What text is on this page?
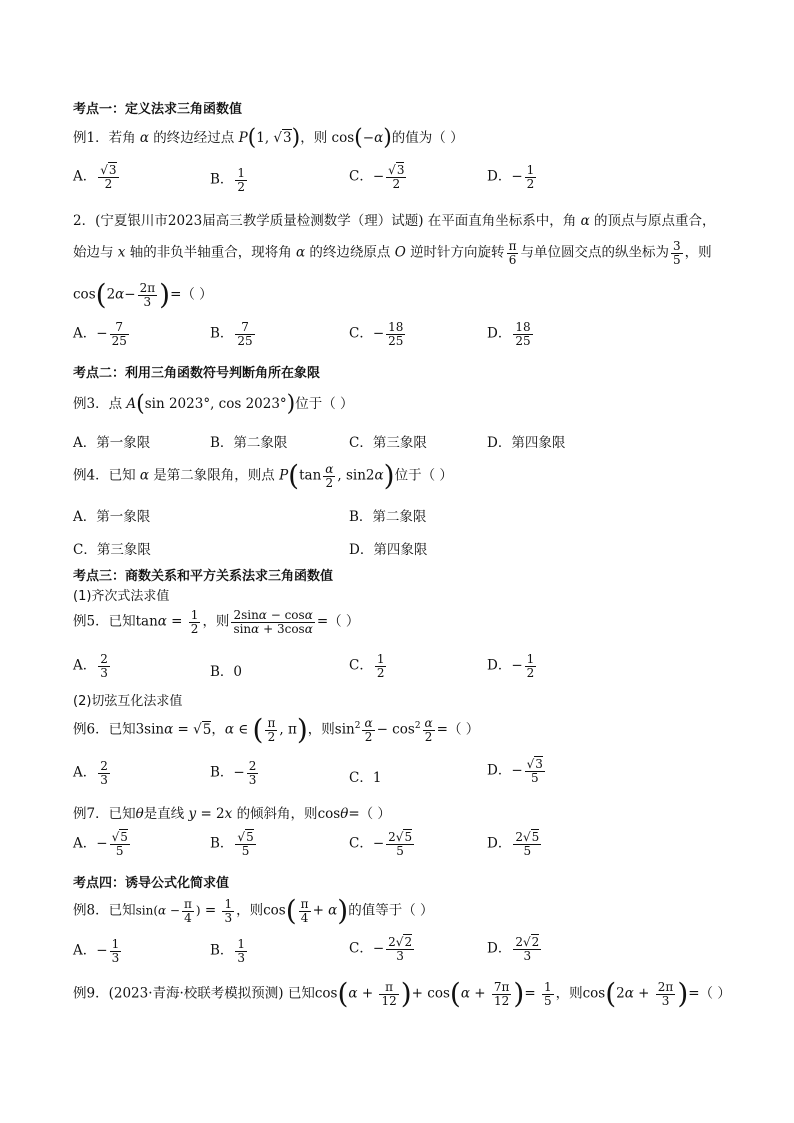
考点一：定义法求三角函数值
例1．若角 α 的终边经过点 P(1, √3)，则 cos(−α)的值为（ ）
A． $\frac{√3}{2}$	B． $\frac{1}{2}$	C．− $\frac{√3}{2}$	D．− $\frac{1}{2}$
2．(宁夏银川市2023届高三教学质量检测数学（理）试题) 在平面直角坐标系中，角 α 的顶点与原点重合，
始边与 x 轴的非负半轴重合，现将角 α 的终边绕原点 O 逆时针方向旋转 $\frac{\pi}{6}$ 与单位圆交点的纵坐标为 $\frac{3}{5}$ ，则
$\cos(2\alpha- \frac{2\pi}{3}$ )=（ ）
A．− $\frac{7}{25}$	B． $\frac{7}{25}$	C．− $\frac{18}{25}$	D． $\frac{18}{25}$
考点二：利用三角函数符号判断角所在象限
例3．点 A(sin 2023°, cos 2023°)位于（ ）
A．第一象限	B．第二象限	C．第三象限	D．第四象限
例4．已知 α 是第二象限角，则点 $P(\tan \frac{\alpha}{2}$ , sin2α)位于（ ）
A．第一象限	B．第二象限
C．第三象限	D．第四象限
考点三：商数关系和平方关系法求三角函数值
(1)齐次式法求值
例5．已知$\tan\alpha = \frac{1}{2}$ ，则 $\frac{2\sin\alpha - \cos\alpha}{\sin\alpha + 3\cos\alpha}$ =（ ）
A． $\frac{2}{3}$	B．0	C． $\frac{1}{2}$	D．− $\frac{1}{2}$
(2)切弦互化法求值
例6．已知3sinα = √5，α ∈ ( $\frac{\pi}{2}$ , π)，则$\sin^2 \frac{\alpha}{2} - \cos^2 \frac{\alpha}{2}$ =（ ）
A． $\frac{2}{3}$	B．− $\frac{2}{3}$	C．1	D．− $\frac{√3}{5}$
例7．已知θ是直线 y = 2x 的倾斜角，则cosθ=（ ）
A．− $\frac{√5}{5}$	B． $\frac{√5}{5}$	C．− $\frac{2√5}{5}$	D． $\frac{2√5}{5}$
考点四：诱导公式化简求值
例8．已知$\sin(\alpha - \frac{\pi}{4}$ ) = $\frac{1}{3}$ ，则$\cos( \frac{\pi}{4} + \alpha)$的值等于（ ）
A．− $\frac{1}{3}$	B． $\frac{1}{3}$	C．− $\frac{2√2}{3}$	D． $\frac{2√2}{3}$
例9．(2023·青海·校联考模拟预测) 已知$\cos(\alpha + \frac{\pi}{12}$ )+ $\cos(\alpha + \frac{7\pi}{12}$ )= $\frac{1}{5}$ ，则$\cos(2\alpha + \frac{2\pi}{3}$ )=（ ）
